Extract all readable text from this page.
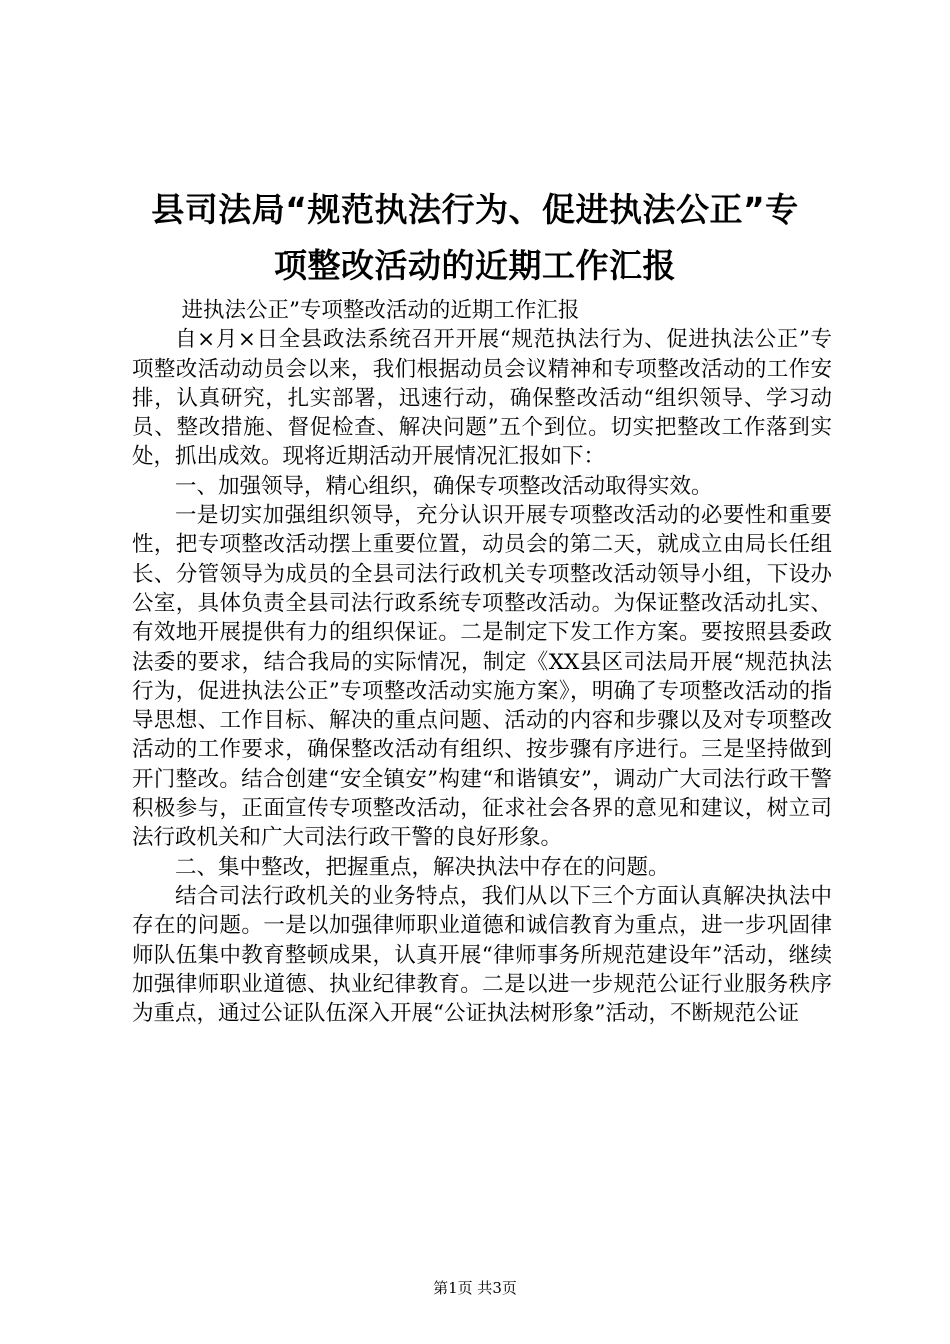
县司法局“规范执法行为、促进执法公正”专
项整改活动的近期工作汇报

进执法公正”专项整改活动的近期工作汇报

自×月×日全县政法系统召开开展“规范执法行为、促进执法公正”专项整改活动动员会以来，我们根据动员会议精神和专项整改活动的工作安排，认真研究，扎实部署，迅速行动，确保整改活动“组织领导、学习动员、整改措施、督促检查、解决问题”五个到位。切实把整改工作落到实处，抓出成效。现将近期活动开展情况汇报如下：

一、加强领导，精心组织，确保专项整改活动取得实效。

一是切实加强组织领导，充分认识开展专项整改活动的必要性和重要性，把专项整改活动摆上重要位置，动员会的第二天，就成立由局长任组长、分管领导为成员的全县司法行政机关专项整改活动领导小组，下设办公室，具体负责全县司法行政系统专项整改活动。为保证整改活动扎实、有效地开展提供有力的组织保证。二是制定下发工作方案。要按照县委政法委的要求，结合我局的实际情况，制定《XX县区司法局开展“规范执法行为，促进执法公正”专项整改活动实施方案》，明确了专项整改活动的指导思想、工作目标、解决的重点问题、活动的内容和步骤以及对专项整改活动的工作要求，确保整改活动有组织、按步骤有序进行。三是坚持做到开门整改。结合创建“安全镇安”构建“和谐镇安”，调动广大司法行政干警积极参与，正面宣传专项整改活动，征求社会各界的意见和建议，树立司法行政机关和广大司法行政干警的良好形象。

二、集中整改，把握重点，解决执法中存在的问题。

结合司法行政机关的业务特点，我们从以下三个方面认真解决执法中存在的问题。一是以加强律师职业道德和诚信教育为重点，进一步巩固律师队伍集中教育整顿成果，认真开展“律师事务所规范建设年”活动，继续加强律师职业道德、执业纪律教育。二是以进一步规范公证行业服务秩序为重点，通过公证队伍深入开展“公证执法树形象”活动，不断规范公证

第1页 共3页
